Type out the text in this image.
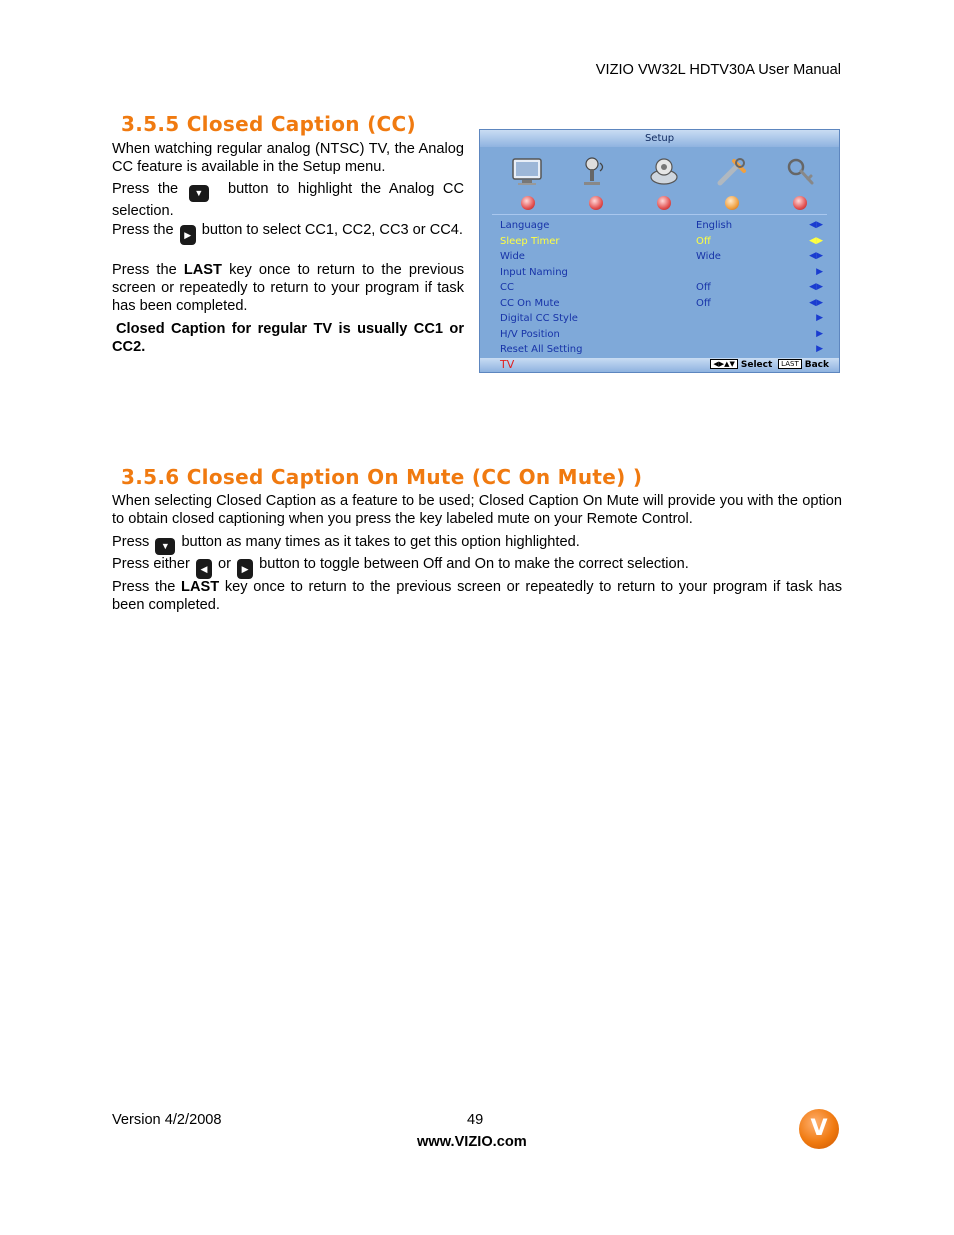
VIZIO VW32L HDTV30A User Manual
3.5.5 Closed Caption (CC)

When watching regular analog (NTSC) TV, the Analog CC feature is available in the Setup menu.

Press the ▼ button to highlight the Analog CC selection.

Press the ▶ button to select CC1, CC2, CC3 or CC4.

Press the LAST key once to return to the previous screen or repeatedly to return to your program if task has been completed.

Closed Caption for regular TV is usually CC1 or CC2.

Setup
Language	English	◀▶
Sleep Timer	Off	◀▶
Wide	Wide	◀▶
Input Naming	▶
CC	Off	◀▶
CC On Mute	Off	◀▶
Digital CC Style	▶
H/V Position	▶
Reset All Setting	▶
TV	◀▶▲▼ Select LAST Back
3.5.6 Closed Caption On Mute (CC On Mute) )

When selecting Closed Caption as a feature to be used; Closed Caption On Mute will provide you with the option to obtain closed captioning when you press the key labeled mute on your Remote Control.

Press ▼ button as many times as it takes to get this option highlighted.

Press either ◀ or ▶ button to toggle between Off and On to make the correct selection.

Press the LAST key once to return to the previous screen or repeatedly to return to your program if task has been completed.

Version 4/2/2008	49
www.VIZIO.com
V
